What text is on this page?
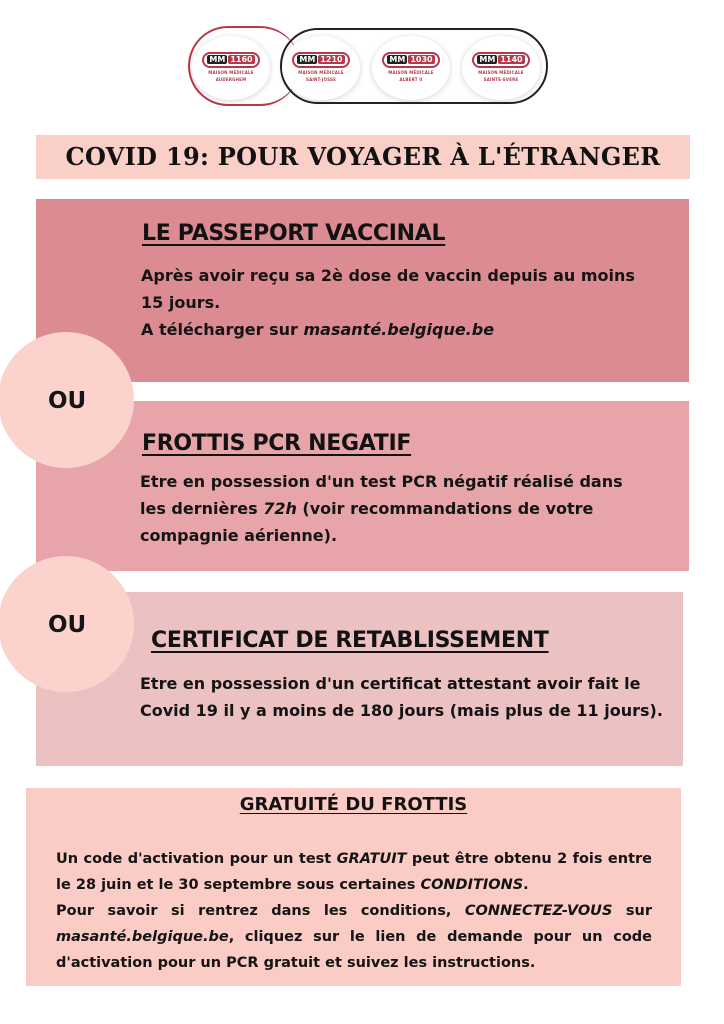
MM 1160
MAISON MÉDICALE
AUDERGHEM
MM 1210
MAISON MÉDICALE
SAINT-JOSSE
MM 1030
MAISON MÉDICALE
ALBERT II
MM 1140
MAISON MÉDICALE
SAINTE-EVERE
COVID 19: POUR VOYAGER À L'ÉTRANGER
LE PASSEPORT VACCINAL

Après avoir reçu sa 2è dose de vaccin depuis au moins

15 jours.

A télécharger sur masanté.belgique.be

FROTTIS PCR NEGATIF

Etre en possession d'un test PCR négatif réalisé dans

les dernières 72h (voir recommandations de votre

compagnie aérienne).

CERTIFICAT DE RETABLISSEMENT

Etre en possession d'un certificat attestant avoir fait le

Covid 19 il y a moins de 180 jours (mais plus de 11 jours).

OU
OU
GRATUITÉ DU FROTTIS

Un code d'activation pour un test GRATUIT peut être obtenu 2 fois entre le 28 juin et le 30 septembre sous certaines CONDITIONS.

Pour savoir si rentrez dans les conditions, CONNECTEZ-VOUS sur masanté.belgique.be, cliquez sur le lien de demande pour un code d'activation pour un PCR gratuit et suivez les instructions.
